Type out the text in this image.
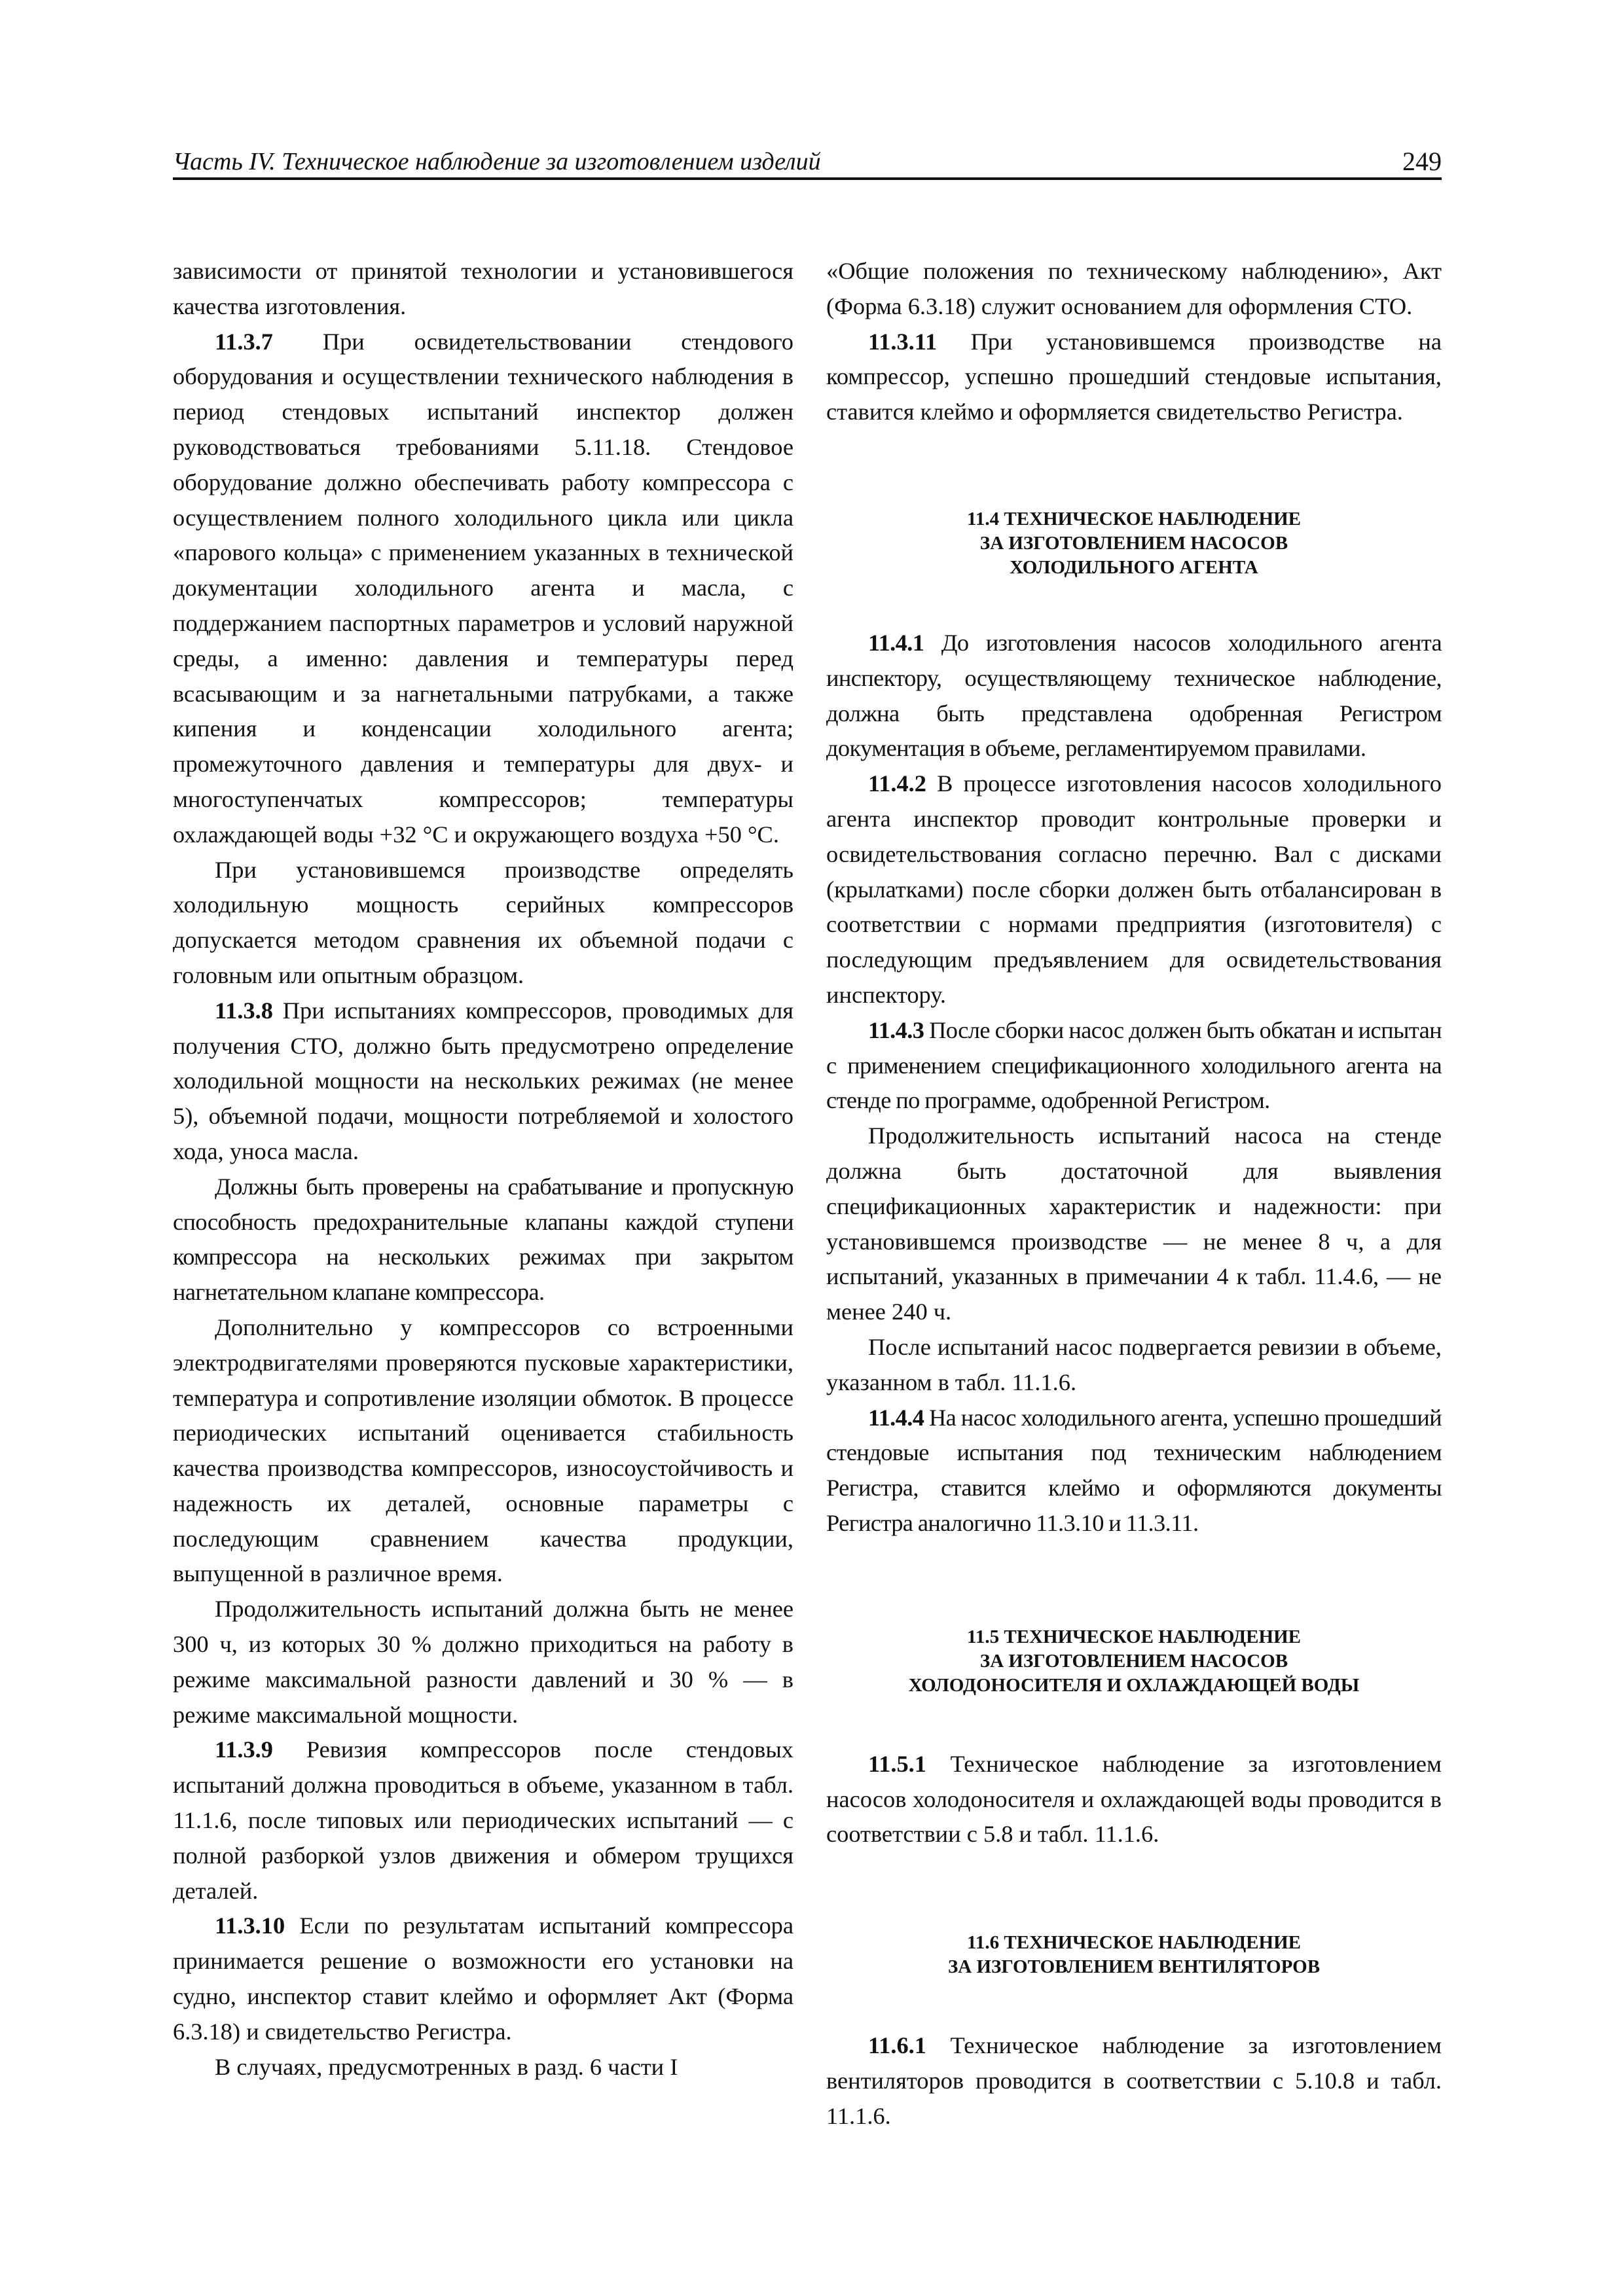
Часть IV. Техническое наблюдение за изготовлением изделий	249

зависимости от принятой технологии и установившегося качества изготовления.

11.3.7 При освидетельствовании стендового оборудования и осуществлении технического наблюдения в период стендовых испытаний инспектор должен руководствоваться требованиями 5.11.18. Стендовое оборудование должно обеспечивать работу компрессора с осуществлением полного холодильного цикла или цикла «парового кольца» с применением указанных в технической документации холодильного агента и масла, с поддержанием паспортных параметров и условий наружной среды, а именно: давления и температуры перед всасывающим и за нагнетальными патрубками, а также кипения и конденсации холодильного агента; промежуточного давления и температуры для двух- и многоступенчатых компрессоров; температуры охлаждающей воды +32 °С и окружающего воздуха +50 °С.

При установившемся производстве определять холодильную мощность серийных компрессоров допускается методом сравнения их объемной подачи с головным или опытным образцом.

11.3.8 При испытаниях компрессоров, проводимых для получения СТО, должно быть предусмотрено определение холодильной мощности на нескольких режимах (не менее 5), объемной подачи, мощности потребляемой и холостого хода, уноса масла.

Должны быть проверены на срабатывание и пропускную способность предохранительные клапаны каждой ступени компрессора на нескольких режимах при закрытом нагнетательном клапане компрессора.

Дополнительно у компрессоров со встроенными электродвигателями проверяются пусковые характеристики, температура и сопротивление изоляции обмоток. В процессе периодических испытаний оценивается стабильность качества производства компрессоров, износоустойчивость и надежность их деталей, основные параметры с последующим сравнением качества продукции, выпущенной в различное время.

Продолжительность испытаний должна быть не менее 300 ч, из которых 30 % должно приходиться на работу в режиме максимальной разности давлений и 30 % — в режиме максимальной мощности.

11.3.9 Ревизия компрессоров после стендовых испытаний должна проводиться в объеме, указанном в табл. 11.1.6, после типовых или периодических испытаний — с полной разборкой узлов движения и обмером трущихся деталей.

11.3.10 Если по результатам испытаний компрессора принимается решение о возможности его установки на судно, инспектор ставит клеймо и оформляет Акт (Форма 6.3.18) и свидетельство Регистра.

В случаях, предусмотренных в разд. 6 части I

«Общие положения по техническому наблюдению», Акт (Форма 6.3.18) служит основанием для оформления СТО.

11.3.11 При установившемся производстве на компрессор, успешно прошедший стендовые испытания, ставится клеймо и оформляется свидетельство Регистра.

11.4 ТЕХНИЧЕСКОЕ НАБЛЮДЕНИЕ
ЗА ИЗГОТОВЛЕНИЕМ НАСОСОВ
ХОЛОДИЛЬНОГО АГЕНТА

11.4.1 До изготовления насосов холодильного агента инспектору, осуществляющему техническое наблюдение, должна быть представлена одобренная Регистром документация в объеме, регламентируемом правилами.

11.4.2 В процессе изготовления насосов холодильного агента инспектор проводит контрольные проверки и освидетельствования согласно перечню. Вал с дисками (крылатками) после сборки должен быть отбалансирован в соответствии с нормами предприятия (изготовителя) с последующим предъявлением для освидетельствования инспектору.

11.4.3 После сборки насос должен быть обкатан и испытан с применением спецификационного холодильного агента на стенде по программе, одобренной Регистром.

Продолжительность испытаний насоса на стенде должна быть достаточной для выявления спецификационных характеристик и надежности: при установившемся производстве — не менее 8 ч, а для испытаний, указанных в примечании 4 к табл. 11.4.6, — не менее 240 ч.

После испытаний насос подвергается ревизии в объеме, указанном в табл. 11.1.6.

11.4.4 На насос холодильного агента, успешно прошедший стендовые испытания под техническим наблюдением Регистра, ставится клеймо и оформляются документы Регистра аналогично 11.3.10 и 11.3.11.

11.5 ТЕХНИЧЕСКОЕ НАБЛЮДЕНИЕ
ЗА ИЗГОТОВЛЕНИЕМ НАСОСОВ
ХОЛОДОНОСИТЕЛЯ И ОХЛАЖДАЮЩЕЙ ВОДЫ

11.5.1 Техническое наблюдение за изготовлением насосов холодоносителя и охлаждающей воды проводится в соответствии с 5.8 и табл. 11.1.6.

11.6 ТЕХНИЧЕСКОЕ НАБЛЮДЕНИЕ
ЗА ИЗГОТОВЛЕНИЕМ ВЕНТИЛЯТОРОВ

11.6.1 Техническое наблюдение за изготовлением вентиляторов проводится в соответствии с 5.10.8 и табл. 11.1.6.
